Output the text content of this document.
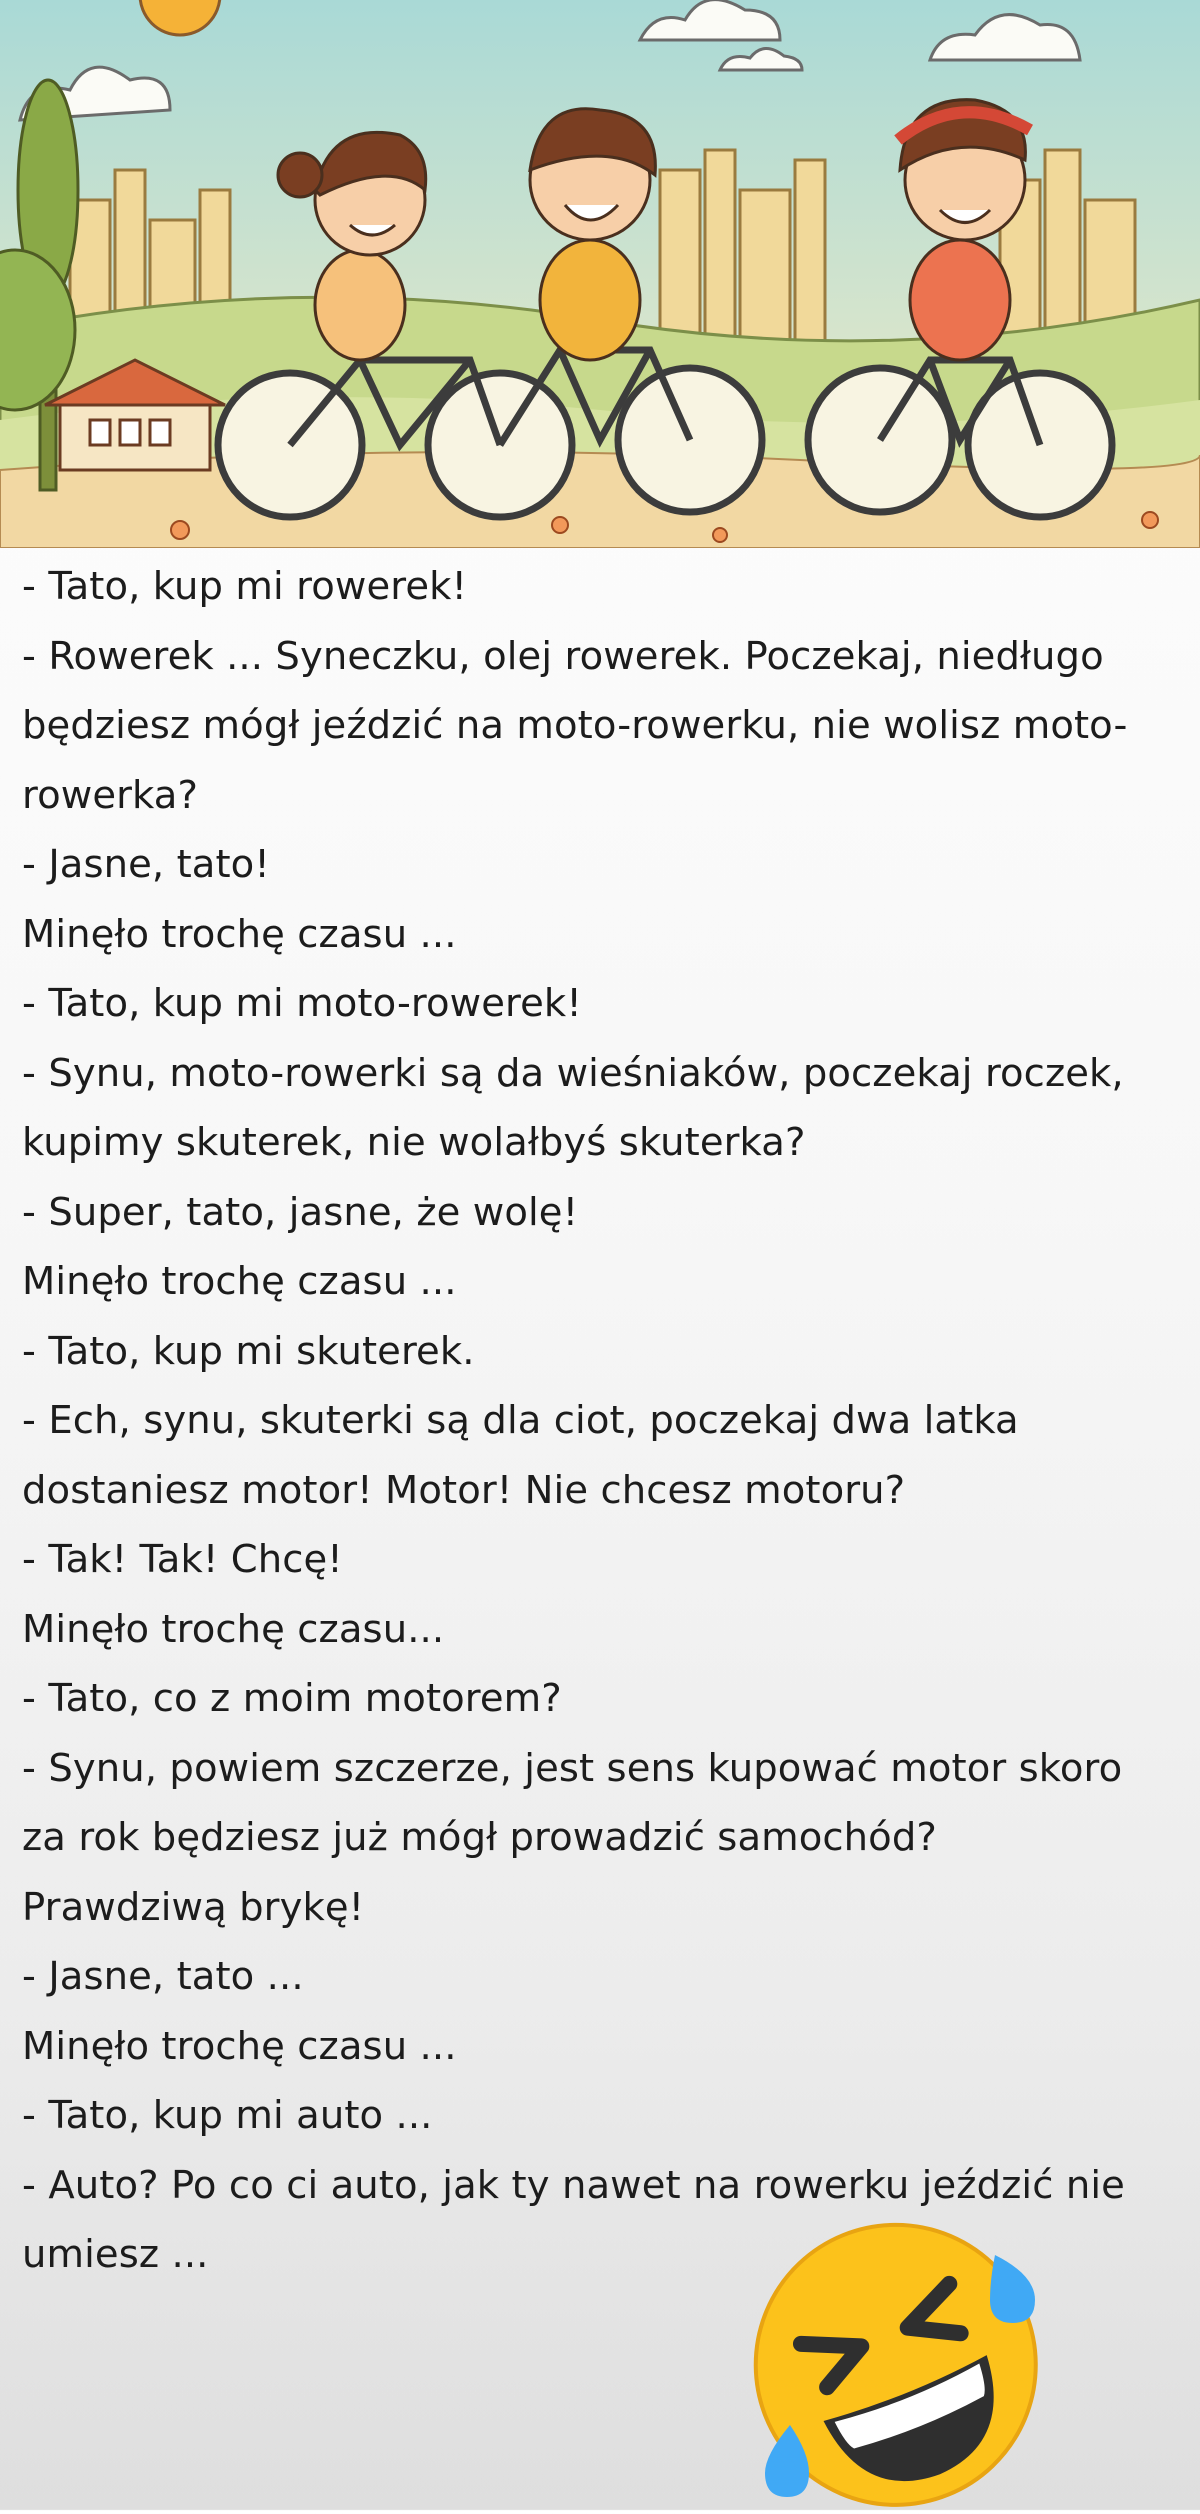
- Tato, kup mi rowerek!
- Rowerek ... Syneczku, olej rowerek. Poczekaj, niedługo
będziesz mógł jeździć na moto-rowerku, nie wolisz moto-
rowerka?
- Jasne, tato!
Minęło trochę czasu ...
- Tato, kup mi moto-rowerek!
- Synu, moto-rowerki są da wieśniaków, poczekaj roczek,
kupimy skuterek, nie wolałbyś skuterka?
- Super, tato, jasne, że wolę!
Minęło trochę czasu ...
- Tato, kup mi skuterek.
- Ech, synu, skuterki są dla ciot, poczekaj dwa latka
dostaniesz motor! Motor! Nie chcesz motoru?
- Tak! Tak! Chcę!
Minęło trochę czasu...
- Tato, co z moim motorem?
- Synu, powiem szczerze, jest sens kupować motor skoro
za rok będziesz już mógł prowadzić samochód?
Prawdziwą brykę!
- Jasne, tato ...
Minęło trochę czasu ...
- Tato, kup mi auto ...
- Auto? Po co ci auto, jak ty nawet na rowerku jeździć nie
umiesz ...
